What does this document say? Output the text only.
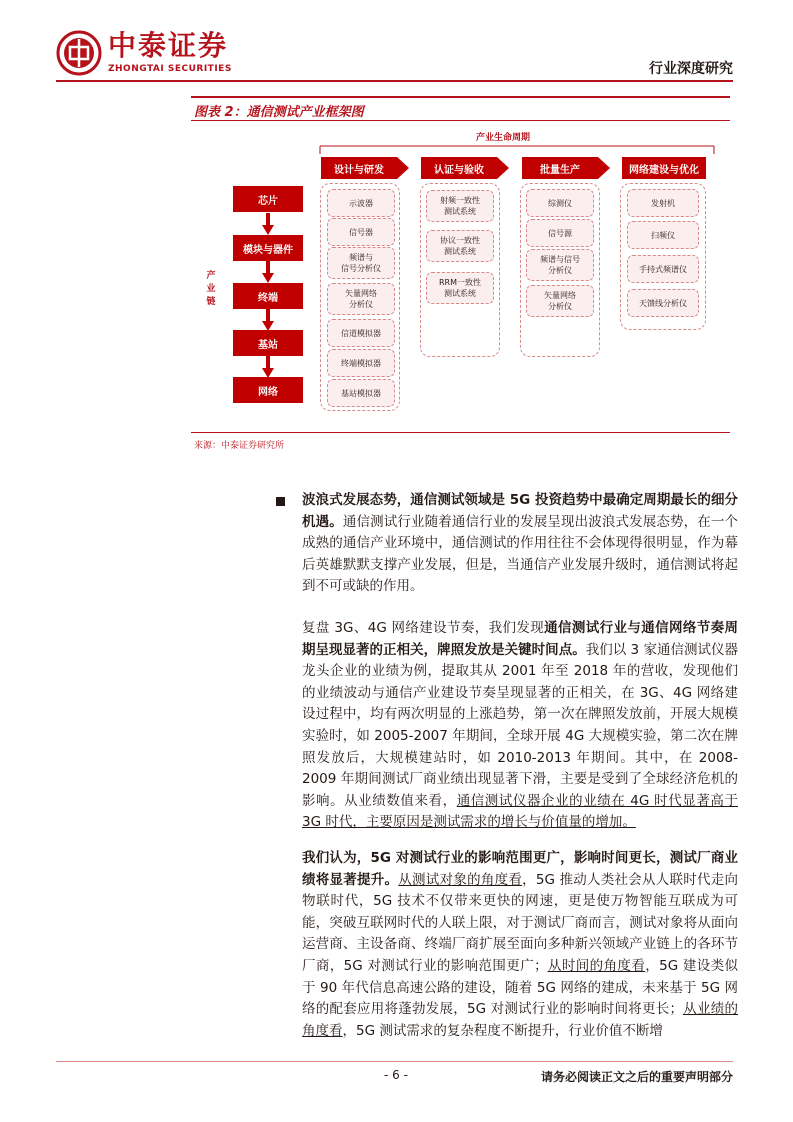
中泰证券
ZHONGTAI SECURITIES	行业深度研究
图表 2：通信测试产业框架图
产业生命周期
设计与研发	认证与验收	批量生产	网络建设与优化
产业链
芯片
模块与器件
终端
基站
网络
示波器
信号器
频谱与
信号分析仪
矢量网络
分析仪
信道模拟器
终端模拟器
基站模拟器
射频一致性
测试系统
协议一致性
测试系统
RRM一致性
测试系统
综测仪
信号源
频谱与信号
分析仪
矢量网络
分析仪
发射机
扫频仪
手持式频谱仪
天馈线分析仪
来源：中泰证券研究所
波浪式发展态势，通信测试领域是 5G 投资趋势中最确定周期最长的细分机遇。通信测试行业随着通信行业的发展呈现出波浪式发展态势，在一个成熟的通信产业环境中，通信测试的作用往往不会体现得很明显，作为幕后英雄默默支撑产业发展，但是，当通信产业发展升级时，通信测试将起到不可或缺的作用。
复盘 3G、4G 网络建设节奏，我们发现通信测试行业与通信网络节奏周期呈现显著的正相关，牌照发放是关键时间点。我们以 3 家通信测试仪器龙头企业的业绩为例，提取其从 2001 年至 2018 年的营收，发现他们的业绩波动与通信产业建设节奏呈现显著的正相关，在 3G、4G 网络建设过程中，均有两次明显的上涨趋势，第一次在牌照发放前，开展大规模实验时，如 2005-2007 年期间，全球开展 4G 大规模实验，第二次在牌照发放后，大规模建站时，如 2010-2013 年期间。其中，在 2008-2009 年期间测试厂商业绩出现显著下滑，主要是受到了全球经济危机的影响。从业绩数值来看，通信测试仪器企业的业绩在 4G 时代显著高于 3G 时代，主要原因是测试需求的增长与价值量的增加。
我们认为，5G 对测试行业的影响范围更广，影响时间更长，测试厂商业绩将显著提升。从测试对象的角度看，5G 推动人类社会从人联时代走向物联时代，5G 技术不仅带来更快的网速，更是使万物智能互联成为可能，突破互联网时代的人联上限，对于测试厂商而言，测试对象将从面向运营商、主设备商、终端厂商扩展至面向多种新兴领域产业链上的各环节厂商，5G 对测试行业的影响范围更广；从时间的角度看，5G 建设类似于 90 年代信息高速公路的建设，随着 5G 网络的建成，未来基于 5G 网络的配套应用将蓬勃发展，5G 对测试行业的影响时间将更长；从业绩的角度看，5G 测试需求的复杂程度不断提升，行业价值不断增
- 6 -	请务必阅读正文之后的重要声明部分
